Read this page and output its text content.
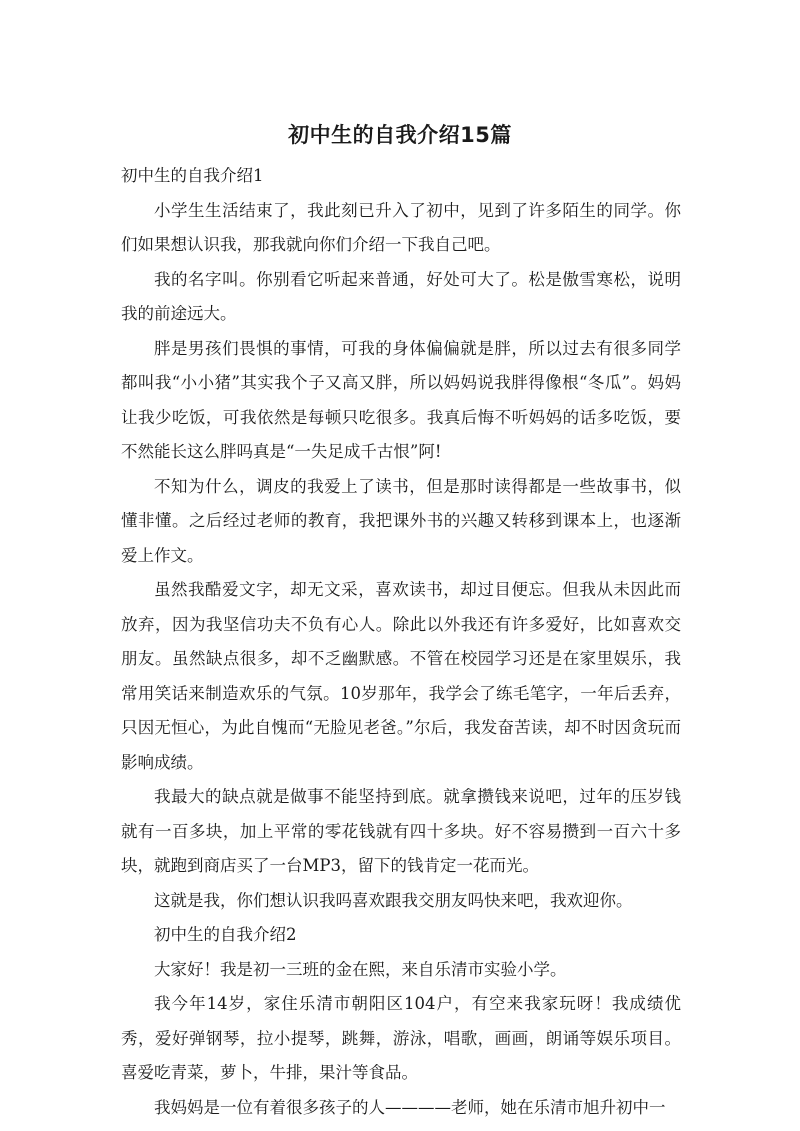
初中生的自我介绍15篇

初中生的自我介绍1

小学生生活结束了，我此刻已升入了初中，见到了许多陌生的同学。你们如果想认识我，那我就向你们介绍一下我自己吧。

我的名字叫。你别看它听起来普通，好处可大了。松是傲雪寒松，说明我的前途远大。

胖是男孩们畏惧的事情，可我的身体偏偏就是胖，所以过去有很多同学都叫我“小小猪”其实我个子又高又胖，所以妈妈说我胖得像根“冬瓜”。妈妈让我少吃饭，可我依然是每顿只吃很多。我真后悔不听妈妈的话多吃饭，要不然能长这么胖吗真是“一失足成千古恨”阿!

不知为什么，调皮的我爱上了读书，但是那时读得都是一些故事书，似懂非懂。之后经过老师的教育，我把课外书的兴趣又转移到课本上，也逐渐爱上作文。

虽然我酷爱文字，却无文采，喜欢读书，却过目便忘。但我从未因此而放弃，因为我坚信功夫不负有心人。除此以外我还有许多爱好，比如喜欢交朋友。虽然缺点很多，却不乏幽默感。不管在校园学习还是在家里娱乐，我常用笑话来制造欢乐的气氛。10岁那年，我学会了练毛笔字，一年后丢弃，只因无恒心，为此自愧而“无脸见老爸。”尔后，我发奋苦读，却不时因贪玩而影响成绩。

我最大的缺点就是做事不能坚持到底。就拿攒钱来说吧，过年的压岁钱就有一百多块，加上平常的零花钱就有四十多块。好不容易攒到一百六十多块，就跑到商店买了一台MP3，留下的钱肯定一花而光。

这就是我，你们想认识我吗喜欢跟我交朋友吗快来吧，我欢迎你。

初中生的自我介绍2

大家好！我是初一三班的金在熙，来自乐清市实验小学。

我今年14岁，家住乐清市朝阳区104户，有空来我家玩呀！我成绩优秀，爱好弹钢琴，拉小提琴，跳舞，游泳，唱歌，画画，朗诵等娱乐项目。喜爱吃青菜，萝卜，牛排，果汁等食品。

我妈妈是一位有着很多孩子的人————老师，她在乐清市旭升初中一
